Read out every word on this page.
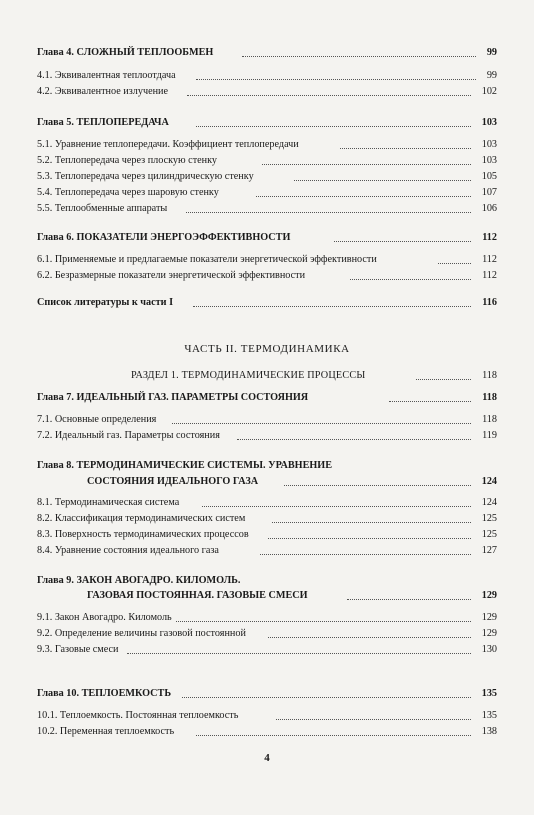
Глава 4. СЛОЖНЫЙ ТЕПЛООБМЕН	99
4.1. Эквивалентная теплоотдача	99
4.2. Эквивалентное излучение	102
Глава 5. ТЕПЛОПЕРЕДАЧА	103
5.1. Уравнение теплопередачи. Коэффициент теплопередачи	103
5.2. Теплопередача через плоскую стенку	103
5.3. Теплопередача через цилиндрическую стенку	105
5.4. Теплопередача через шаровую стенку	107
5.5. Теплообменные аппараты	106
Глава 6. ПОКАЗАТЕЛИ ЭНЕРГОЭФФЕКТИВНОСТИ	112
6.1. Применяемые и предлагаемые показатели энергетической эффективности	112
6.2. Безразмерные показатели энергетической эффективности	112
Список литературы к части I	116
ЧАСТЬ II. ТЕРМОДИНАМИКА
РАЗДЕЛ 1. ТЕРМОДИНАМИЧЕСКИЕ ПРОЦЕССЫ	118
Глава 7. ИДЕАЛЬНЫЙ ГАЗ. ПАРАМЕТРЫ СОСТОЯНИЯ	118
7.1. Основные определения	118
7.2. Идеальный газ. Параметры состояния	119
Глава 8. ТЕРМОДИНАМИЧЕСКИЕ СИСТЕМЫ. УРАВНЕНИЕ
СОСТОЯНИЯ ИДЕАЛЬНОГО ГАЗА	124
8.1. Термодинамическая система	124
8.2. Классификация термодинамических систем	125
8.3. Поверхность термодинамических процессов	125
8.4. Уравнение состояния идеального газа	127
Глава 9. ЗАКОН АВОГАДРО. КИЛОМОЛЬ.
ГАЗОВАЯ ПОСТОЯННАЯ. ГАЗОВЫЕ СМЕСИ	129
9.1. Закон Авогадро. Киломоль	129
9.2. Определение величины газовой постоянной	129
9.3. Газовые смеси	130
Глава 10. ТЕПЛОЕМКОСТЬ	135
10.1. Теплоемкость. Постоянная теплоемкость	135
10.2. Переменная теплоемкость	138
4
